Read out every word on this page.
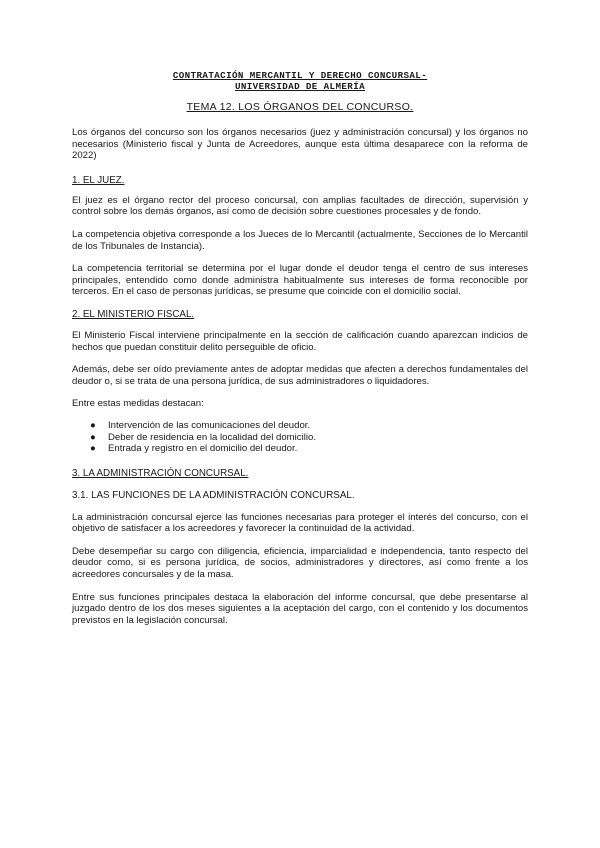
CONTRATACIÓN MERCANTIL Y DERECHO CONCURSAL-
UNIVERSIDAD DE ALMERÍA
TEMA 12. LOS ÓRGANOS DEL CONCURSO.

Los órganos del concurso son los órganos necesarios (juez y administración concursal) y los órganos no necesarios (Ministerio fiscal y Junta de Acreedores, aunque esta última desaparece con la reforma de 2022)

1. EL JUEZ.

El juez es el órgano rector del proceso concursal, con amplias facultades de dirección, supervisión y control sobre los demás órganos, así como de decisión sobre cuestiones procesales y de fondo.

La competencia objetiva corresponde a los Jueces de lo Mercantil (actualmente, Secciones de lo Mercantil de los Tribunales de Instancia).

La competencia territorial se determina por el lugar donde el deudor tenga el centro de sus intereses principales, entendido como donde administra habitualmente sus intereses de forma reconocible por terceros. En el caso de personas jurídicas, se presume que coincide con el domicilio social.

2. EL MINISTERIO FISCAL.

El Ministerio Fiscal interviene principalmente en la sección de calificación cuando aparezcan indicios de hechos que puedan constituir delito perseguible de oficio.

Además, debe ser oído previamente antes de adoptar medidas que afecten a derechos fundamentales del deudor o, si se trata de una persona jurídica, de sus administradores o liquidadores.

Entre estas medidas destacan:

● Intervención de las comunicaciones del deudor.
● Deber de residencia en la localidad del domicilio.
● Entrada y registro en el domicilio del deudor.
3. LA ADMINISTRACIÓN CONCURSAL.
3.1. LAS FUNCIONES DE LA ADMINISTRACIÓN CONCURSAL.

La administración concursal ejerce las funciones necesarias para proteger el interés del concurso, con el objetivo de satisfacer a los acreedores y favorecer la continuidad de la actividad.

Debe desempeñar su cargo con diligencia, eficiencia, imparcialidad e independencia, tanto respecto del deudor como, si es persona jurídica, de socios, administradores y directores, así como frente a los acreedores concursales y de la masa.

Entre sus funciones principales destaca la elaboración del informe concursal, que debe presentarse al juzgado dentro de los dos meses siguientes a la aceptación del cargo, con el contenido y los documentos previstos en la legislación concursal.
